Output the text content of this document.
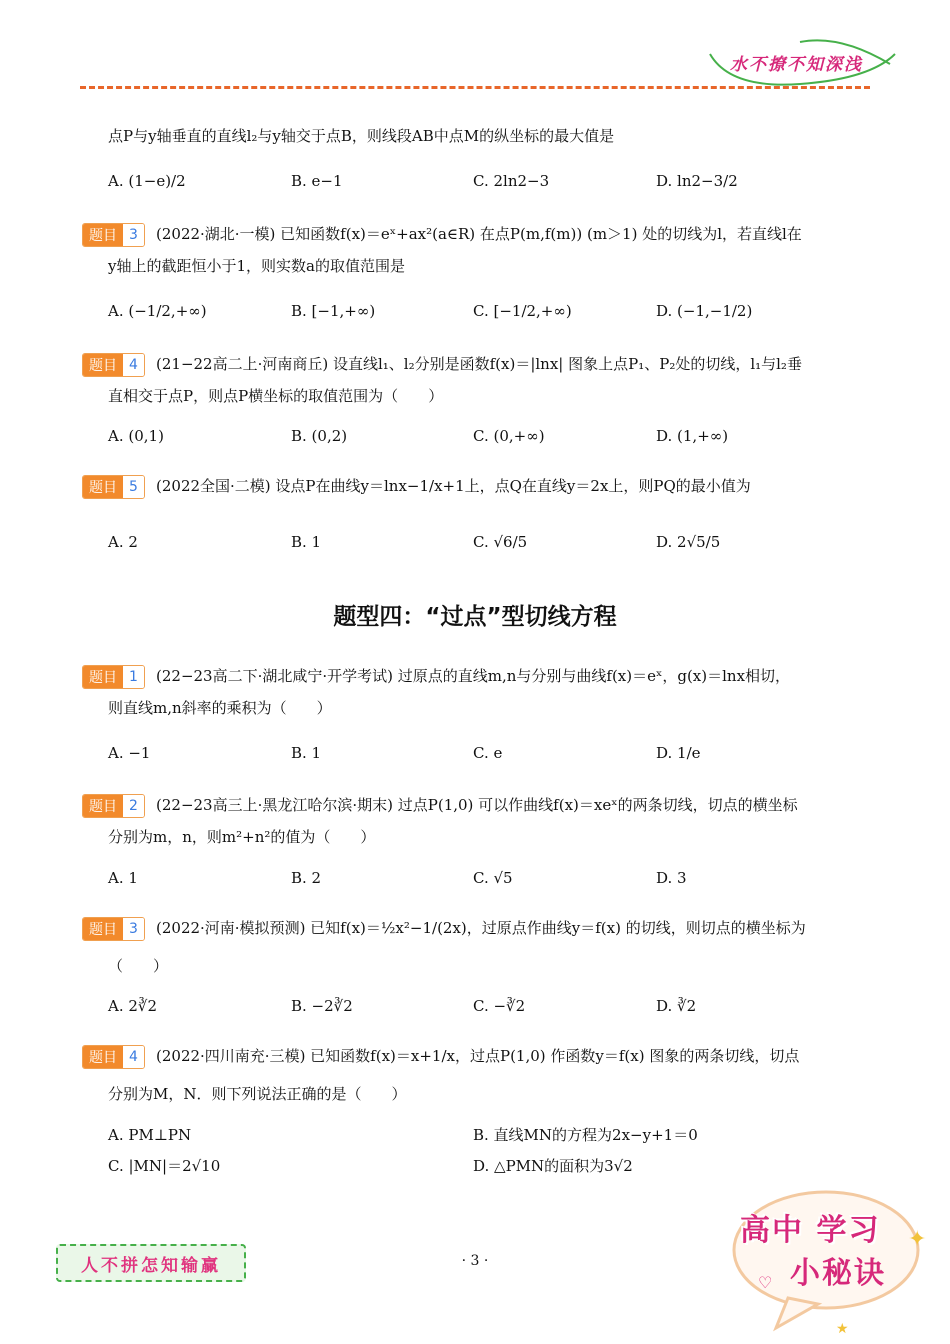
水不撩不知深浅
点P与y轴垂直的直线l₂与y轴交于点B，则线段AB中点M的纵坐标的最大值是
A. (1−e)/2	B. e−1	C. 2ln2−3	D. ln2−3/2
题目 3	(2022·湖北·一模) 已知函数f(x)＝eˣ+ax²(a∈R) 在点P(m,f(m)) (m＞1) 处的切线为l，若直线l在
y轴上的截距恒小于1，则实数a的取值范围是
A. (−1/2,+∞)	B. [−1,+∞)	C. [−1/2,+∞)	D. (−1,−1/2)
题目 4	(21−22高二上·河南商丘) 设直线l₁、l₂分别是函数f(x)＝|lnx| 图象上点P₁、P₂处的切线，l₁与l₂垂
直相交于点P，则点P横坐标的取值范围为（　　）
A. (0,1)	B. (0,2)	C. (0,+∞)	D. (1,+∞)
题目 5	(2022全国·二模) 设点P在曲线y＝lnx−1/x+1上，点Q在直线y＝2x上，则PQ的最小值为
A. 2	B. 1	C. √6/5	D. 2√5/5
题型四：“过点”型切线方程
题目 1	(22−23高二下·湖北咸宁·开学考试) 过原点的直线m,n与分别与曲线f(x)＝eˣ，g(x)＝lnx相切，
则直线m,n斜率的乘积为（　　）
A. −1	B. 1	C. e	D. 1/e
题目 2	(22−23高三上·黑龙江哈尔滨·期末) 过点P(1,0) 可以作曲线f(x)＝xeˣ的两条切线，切点的横坐标
分别为m，n，则m²+n²的值为（　　）
A. 1	B. 2	C. √5	D. 3
题目 3	(2022·河南·模拟预测) 已知f(x)＝½x²−1/(2x)，过原点作曲线y＝f(x) 的切线，则切点的横坐标为
（　　）
A. 2∛2	B. −2∛2	C. −∛2	D. ∛2
题目 4	(2022·四川南充·三模) 已知函数f(x)＝x+1/x，过点P(1,0) 作函数y＝f(x) 图象的两条切线，切点
分别为M，N．则下列说法正确的是（　　）
A. PM⊥PN	B. 直线MN的方程为2x−y+1＝0
C. |MN|＝2√10	D. △PMN的面积为3√2
人不拼怎知输赢	· 3 ·
♡
✦
★
高中 学习
小秘诀
